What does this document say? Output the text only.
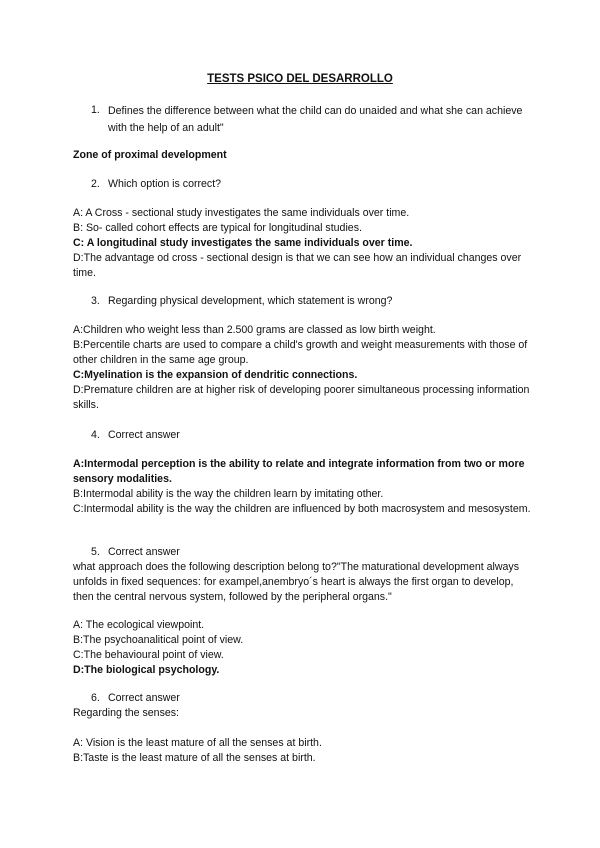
TESTS PSICO DEL DESARROLLO
1. Defines the difference between what the child can do unaided and what she can achieve with the help of an adult"
Zone of proximal development
2. Which option is correct?
A: A Cross - sectional study investigates the same individuals over time.
B: So- called cohort effects are typical for longitudinal studies.
C: A longitudinal study investigates the same individuals over time.
D:The advantage od cross - sectional design is that we can see how an individual changes over time.
3. Regarding physical development, which statement is wrong?
A:Children who weight less than 2.500 grams are classed as low birth weight.
B:Percentile charts are used to compare a child's growth and weight measurements with those of other children in the same age group.
C:Myelination is the expansion of dendritic connections.
D:Premature children are at higher risk of developing poorer simultaneous processing information skills.
4. Correct answer
A:Intermodal perception is the ability to relate and integrate information from two or more sensory modalities.
B:Intermodal ability is the way the children learn by imitating other.
C:Intermodal ability is the way the children are influenced by both macrosystem and mesosystem.
5. Correct answer
what approach does the following description belong to?"The maturational development always unfolds in fixed sequences: for exampel,anembryo´s heart is always the first organ to develop, then the central nervous system, followed by the peripheral organs."
A: The ecological viewpoint.
B:The psychoanalitical point of view.
C:The behavioural point of view.
D:The biological psychology.
6. Correct answer
Regarding the senses:
A: Vision is the least mature of all the senses at birth.
B:Taste is the least mature of all the senses at birth.
